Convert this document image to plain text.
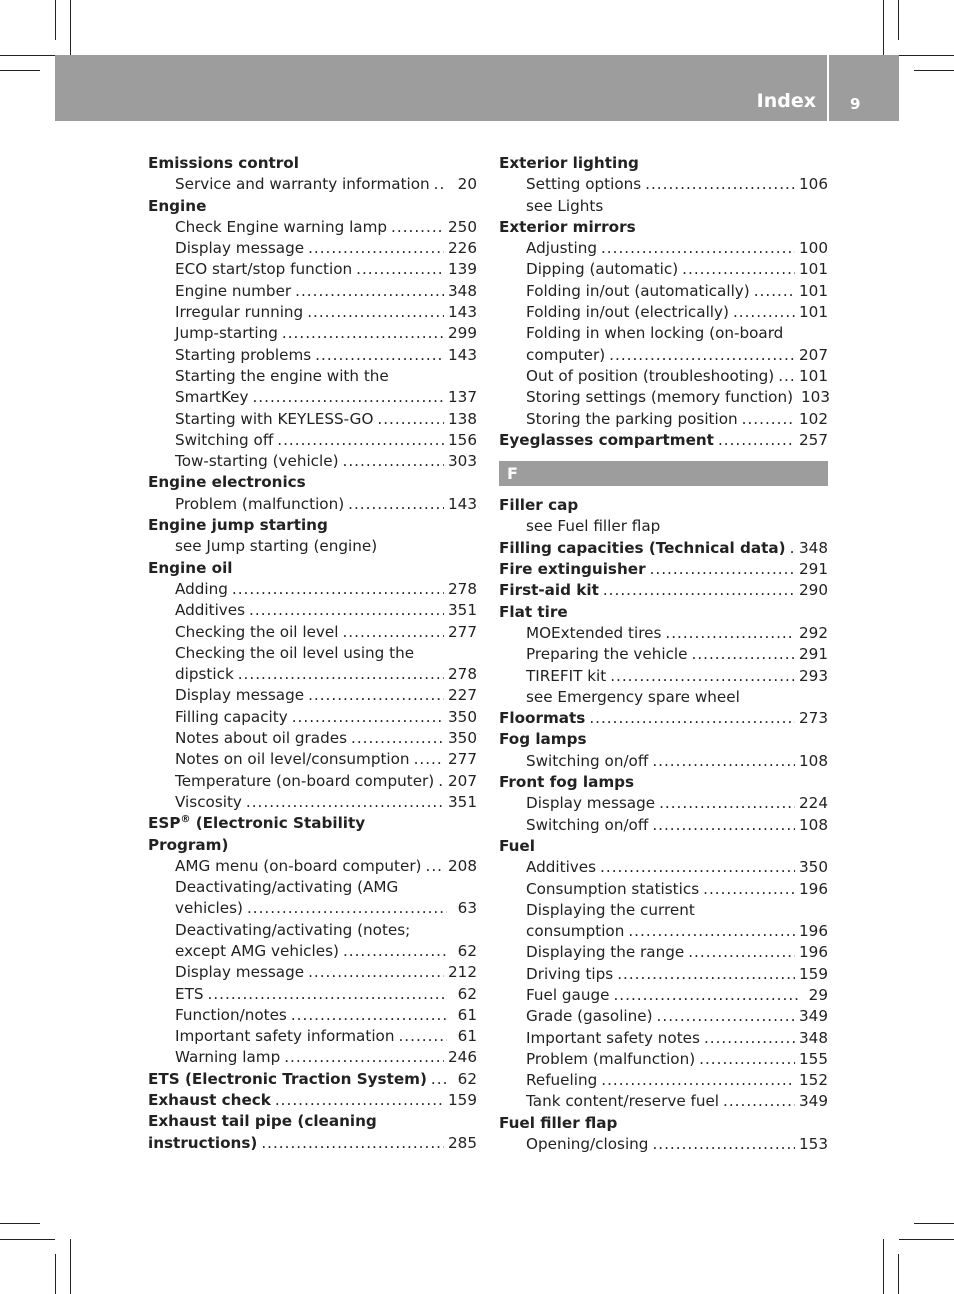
Index 9
Emissions control
Service and warranty information .....	20
Engine
Check Engine warning lamp .....	250
Display message .....	226
ECO start/stop function .....	139
Engine number .....	348
Irregular running .....	143
Jump-starting .....	299
Starting problems .....	143
Starting the engine with the
SmartKey .....	137
Starting with KEYLESS-GO .....	138
Switching off .....	156
Tow-starting (vehicle) .....	303
Engine electronics
Problem (malfunction) .....	143
Engine jump starting
see Jump starting (engine)
Engine oil
Adding .....	278
Additives .....	351
Checking the oil level .....	277
Checking the oil level using the
dipstick .....	278
Display message .....	227
Filling capacity .....	350
Notes about oil grades .....	350
Notes on oil level/consumption .....	277
Temperature (on-board computer) ..... 207
Viscosity .....	351
ESP® (Electronic Stability
Program)
AMG menu (on-board computer) ..... 208
Deactivating/activating (AMG
vehicles) .....	63
Deactivating/activating (notes;
except AMG vehicles) .....	62
Display message .....	212
ETS .....	62
Function/notes .....	61
Important safety information .....	61
Warning lamp .....	246
ETS (Electronic Traction System) .....	62
Exhaust check .....	159
Exhaust tail pipe (cleaning
instructions) .....	285
Exterior lighting
Setting options .....	106
see Lights
Exterior mirrors
Adjusting .....	100
Dipping (automatic) .....	101
Folding in/out (automatically) .....	101
Folding in/out (electrically) .....	101
Folding in when locking (on-board
computer) .....	207
Out of position (troubleshooting) ..... 101
Storing settings (memory function) 103
Storing the parking position .....	102
Eyeglasses compartment .....	257
F
Filler cap
see Fuel filler flap
Filling capacities (Technical data) ..... 348
Fire extinguisher .....	291
First-aid kit .....	290
Flat tire
MOExtended tires .....	292
Preparing the vehicle .....	291
TIREFIT kit .....	293
see Emergency spare wheel
Floormats .....	273
Fog lamps
Switching on/off .....	108
Front fog lamps
Display message .....	224
Switching on/off .....	108
Fuel
Additives .....	350
Consumption statistics .....	196
Displaying the current
consumption .....	196
Displaying the range .....	196
Driving tips .....	159
Fuel gauge .....	29
Grade (gasoline) .....	349
Important safety notes .....	348
Problem (malfunction) .....	155
Refueling .....	152
Tank content/reserve fuel .....	349
Fuel filler flap
Opening/closing .....	153
